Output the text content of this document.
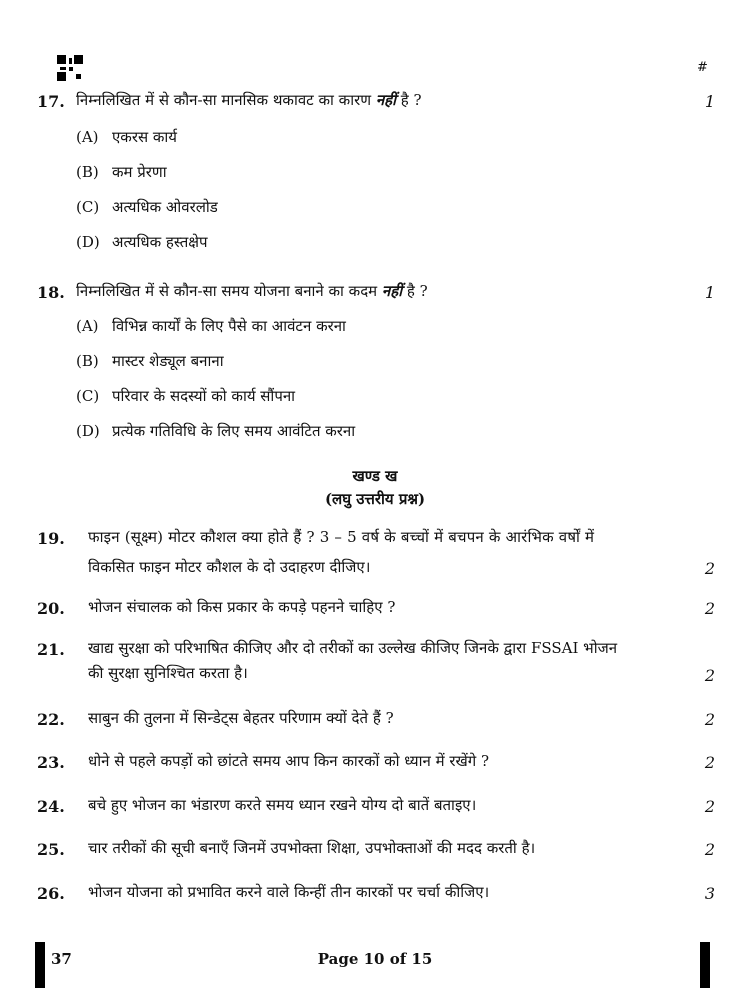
#
17. निम्नलिखित में से कौन-सा मानसिक थकावट का कारण नहीं है ?	1
(A) एकरस कार्य
(B) कम प्रेरणा
(C) अत्यधिक ओवरलोड
(D) अत्यधिक हस्तक्षेप
18. निम्नलिखित में से कौन-सा समय योजना बनाने का कदम नहीं है ?	1
(A) विभिन्न कार्यों के लिए पैसे का आवंटन करना
(B) मास्टर शेड्यूल बनाना
(C) परिवार के सदस्यों को कार्य सौंपना
(D) प्रत्येक गतिविधि के लिए समय आवंटित करना
खण्ड ख
(लघु उत्तरीय प्रश्न)
19. फाइन (सूक्ष्म) मोटर कौशल क्या होते हैं ? 3 – 5 वर्ष के बच्चों में बचपन के आरंभिक वर्षों में
विकसित फाइन मोटर कौशल के दो उदाहरण दीजिए।	2
20. भोजन संचालक को किस प्रकार के कपड़े पहनने चाहिए ?	2
21. खाद्य सुरक्षा को परिभाषित कीजिए और दो तरीकों का उल्लेख कीजिए जिनके द्वारा FSSAI भोजन
की सुरक्षा सुनिश्चित करता है।	2
22. साबुन की तुलना में सिन्डेट्स बेहतर परिणाम क्यों देते हैं ?	2
23. धोने से पहले कपड़ों को छांटते समय आप किन कारकों को ध्यान में रखेंगे ?	2
24. बचे हुए भोजन का भंडारण करते समय ध्यान रखने योग्य दो बातें बताइए।	2
25. चार तरीकों की सूची बनाएँ जिनमें उपभोक्ता शिक्षा, उपभोक्ताओं की मदद करती है।	2
26. भोजन योजना को प्रभावित करने वाले किन्हीं तीन कारकों पर चर्चा कीजिए।	3
37	Page 10 of 15
